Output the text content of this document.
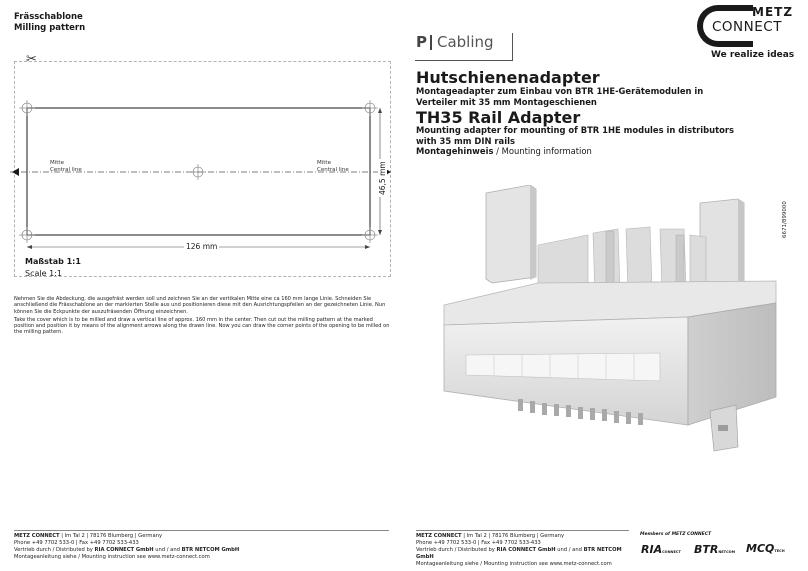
Frässchablone
Milling pattern
✂
Mitte
Central line
Mitte
Central line
126 mm
46,5 mm
Maßstab 1:1
Scale 1:1

Nehmen Sie die Abdeckung, die ausgefräst werden soll und zeichnen Sie an der vertikalen Mitte eine ca 160 mm lange Linie. Schneiden Sie anschließend die Frässchablone an der markierten Stelle aus und positionieren diese mit den Ausrichtungspfeilen an der gezeichneten Linie. Nun können Sie die Eckpunkte der auszufräsenden Öffnung einzeichnen.

Take the cover which is to be milled and draw a vertical line of approx. 160 mm in the center. Then cut out the milling pattern at the marked position and position it by means of the alignment arrows along the drawn line. Now you can draw the corner points of the opening to be milled on the milling pattern.

METZ CONNECT | Im Tal 2 | 78176 Blumberg | Germany
Phone +49 7702 533-0 | Fax +49 7702 533-433
Vertrieb durch / Distributed by RIA CONNECT GmbH und / and BTR NETCOM GmbH
Montageanleitung siehe / Mounting instruction see www.metz-connect.com
P Cabling
METZ
CONNECT
We realize ideas
Hutschienenadapter
Montageadapter zum Einbau von BTR 1HE-Gerätemodulen in Verteiler mit 35 mm Montageschienen
TH35 Rail Adapter
Mounting adapter for mounting of BTR 1HE modules in distributors with 35 mm DIN rails
Montagehinweis / Mounting information
6671/899000
METZ CONNECT | Im Tal 2 | 78176 Blumberg | Germany
Phone +49 7702 533-0 | Fax +49 7702 533-433
Vertrieb durch / Distributed by RIA CONNECT GmbH und / and BTR NETCOM GmbH
Montageanleitung siehe / Mounting instruction see www.metz-connect.com
Members of METZ CONNECT
RIACONNECT BTRNETCOM MCQTECH
